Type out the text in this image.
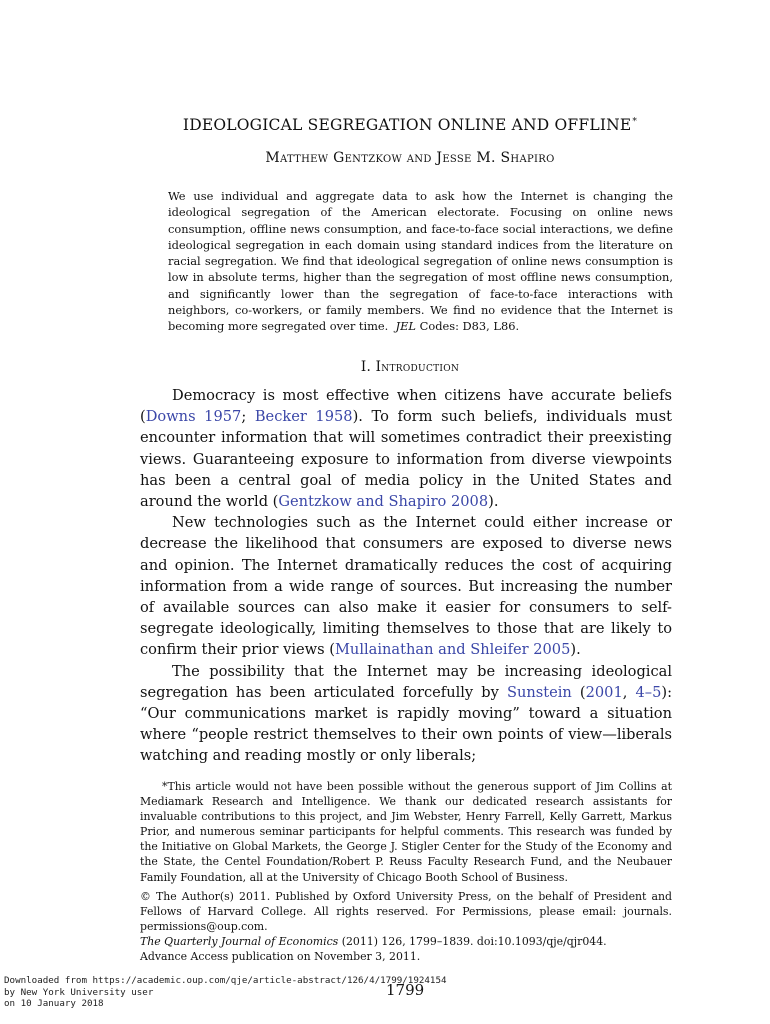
IDEOLOGICAL SEGREGATION ONLINE AND OFFLINE*
Matthew Gentzkow and Jesse M. Shapiro
We use individual and aggregate data to ask how the Internet is changing the ideological segregation of the American electorate. Focusing on online news consumption, offline news consumption, and face-to-face social interactions, we define ideological segregation in each domain using standard indices from the literature on racial segregation. We find that ideological segregation of online news consumption is low in absolute terms, higher than the segregation of most offline news consumption, and significantly lower than the segregation of face-to-face interactions with neighbors, co-workers, or family members. We find no evidence that the Internet is becoming more segregated over time. JEL Codes: D83, L86.
I. Introduction

Democracy is most effective when citizens have accurate beliefs (Downs 1957; Becker 1958). To form such beliefs, individuals must encounter information that will sometimes contradict their preexisting views. Guaranteeing exposure to information from diverse viewpoints has been a central goal of media policy in the United States and around the world (Gentzkow and Shapiro 2008).

New technologies such as the Internet could either increase or decrease the likelihood that consumers are exposed to diverse news and opinion. The Internet dramatically reduces the cost of acquiring information from a wide range of sources. But increasing the number of available sources can also make it easier for consumers to self-segregate ideologically, limiting themselves to those that are likely to confirm their prior views (Mullainathan and Shleifer 2005).

The possibility that the Internet may be increasing ideological segregation has been articulated forcefully by Sunstein (2001, 4–5): “Our communications market is rapidly moving” toward a situation where “people restrict themselves to their own points of view—liberals watching and reading mostly or only liberals;

*This article would not have been possible without the generous support of Jim Collins at Mediamark Research and Intelligence. We thank our dedicated research assistants for invaluable contributions to this project, and Jim Webster, Henry Farrell, Kelly Garrett, Markus Prior, and numerous seminar participants for helpful comments. This research was funded by the Initiative on Global Markets, the George J. Stigler Center for the Study of the Economy and the State, the Centel Foundation/Robert P. Reuss Faculty Research Fund, and the Neubauer Family Foundation, all at the University of Chicago Booth School of Business.

© The Author(s) 2011. Published by Oxford University Press, on the behalf of President and Fellows of Harvard College. All rights reserved. For Permissions, please email: journals. permissions@oup.com.

The Quarterly Journal of Economics (2011) 126, 1799–1839. doi:10.1093/qje/qjr044.

Advance Access publication on November 3, 2011.

Downloaded from https://academic.oup.com/qje/article-abstract/126/4/1799/1924154
by New York University user
on 10 January 2018
1799
